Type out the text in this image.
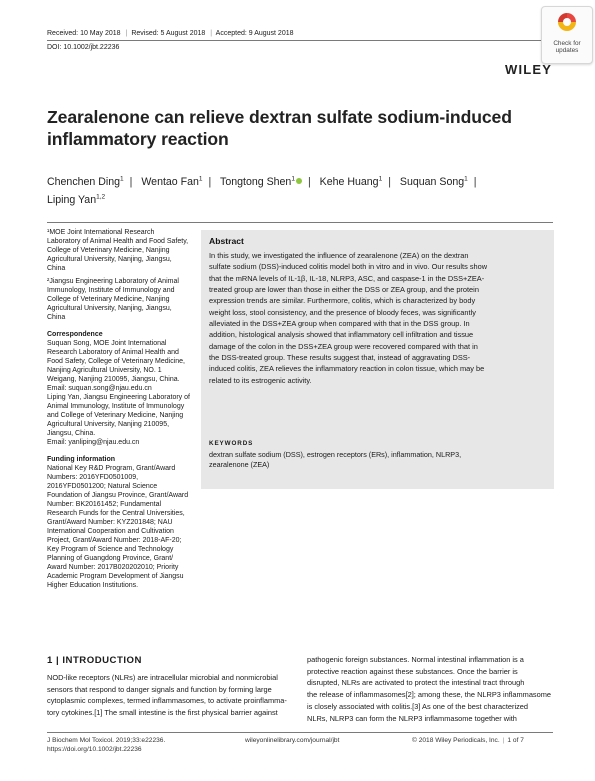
Received: 10 May 2018 | Revised: 5 August 2018 | Accepted: 9 August 2018
DOI: 10.1002/jbt.22236
Check for
updates
WILEY
Zearalenone can relieve dextran sulfate sodium-induced
inflammatory reaction
Chenchen Ding$^1$ | Wentao Fan$^1$ | Tongtong Shen$^1$ | Kehe Huang$^1$ | Suquan Song$^1$ |
Liping Yan$^{1,2}$

¹MOE Joint International Research
Laboratory of Animal Health and Food Safety,
College of Veterinary Medicine, Nanjing
Agricultural University, Nanjing, Jiangsu,
China

²Jiangsu Engineering Laboratory of Animal
Immunology, Institute of Immunology and
College of Veterinary Medicine, Nanjing
Agricultural University, Nanjing, Jiangsu,
China

Correspondence
Suquan Song, MOE Joint International
Research Laboratory of Animal Health and
Food Safety, College of Veterinary Medicine,
Nanjing Agricultural University, NO. 1
Weigang, Nanjing 210095, Jiangsu, China.
Email: suquan.song@njau.edu.cn
Liping Yan, Jiangsu Engineering Laboratory of
Animal Immunology, Institute of Immunology
and College of Veterinary Medicine, Nanjing
Agricultural University, Nanjing 210095,
Jiangsu, China.
Email: yanliping@njau.edu.cn

Funding information
National Key R&D Program, Grant/Award
Numbers: 2016YFD0501009,
2016YFD0501200; Natural Science
Foundation of Jiangsu Province, Grant/Award
Number: BK20161452; Fundamental
Research Funds for the Central Universities,
Grant/Award Number: KYZ201848; NAU
International Cooperation and Cultivation
Project, Grant/Award Number: 2018-AF-20;
Key Program of Science and Technology
Planning of Guangdong Province, Grant/
Award Number: 2017B020202010; Priority
Academic Program Development of Jiangsu
Higher Education Institutions.

Abstract
In this study, we investigated the influence of zearalenone (ZEA) on the dextran
sulfate sodium (DSS)-induced colitis model both in vitro and in vivo. Our results show
that the mRNA levels of IL-1β, IL-18, NLRP3, ASC, and caspase-1 in the DSS+ZEA-
treated group are lower than those in either the DSS or ZEA group, and the protein
expression trends are similar. Furthermore, colitis, which is characterized by body
weight loss, stool consistency, and the presence of bloody feces, was significantly
alleviated in the DSS+ZEA group when compared with that in the DSS group. In
addition, histological analysis showed that inflammatory cell infiltration and tissue
damage of the colon in the DSS+ZEA group were recovered compared with that in
the DSS-treated group. These results suggest that, instead of aggravating DSS-
induced colitis, ZEA relieves the inflammatory reaction in colon tissue, which may be
related to its estrogenic activity.
KEYWORDS
dextran sulfate sodium (DSS), estrogen receptors (ERs), inflammation, NLRP3,
zearalenone (ZEA)
1 | INTRODUCTION
NOD-like receptors (NLRs) are intracellular microbial and nonmicrobial
sensors that respond to danger signals and function by forming large
cytoplasmic complexes, termed inflammasomes, to activate proinflamma-
tory cytokines.[1] The small intestine is the first physical barrier against
pathogenic foreign substances. Normal intestinal inflammation is a
protective reaction against these substances. Once the barrier is
disrupted, NLRs are activated to protect the intestinal tract through
the release of inflammasomes[2]; among these, the NLRP3 inflammasome
is closely associated with colitis.[3] As one of the best characterized
NLRs, NLRP3 can form the NLRP3 inflammasome together with
J Biochem Mol Toxicol. 2019;33:e22236.
https://doi.org/10.1002/jbt.22236
wileyonlinelibrary.com/journal/jbt	© 2018 Wiley Periodicals, Inc. | 1 of 7
